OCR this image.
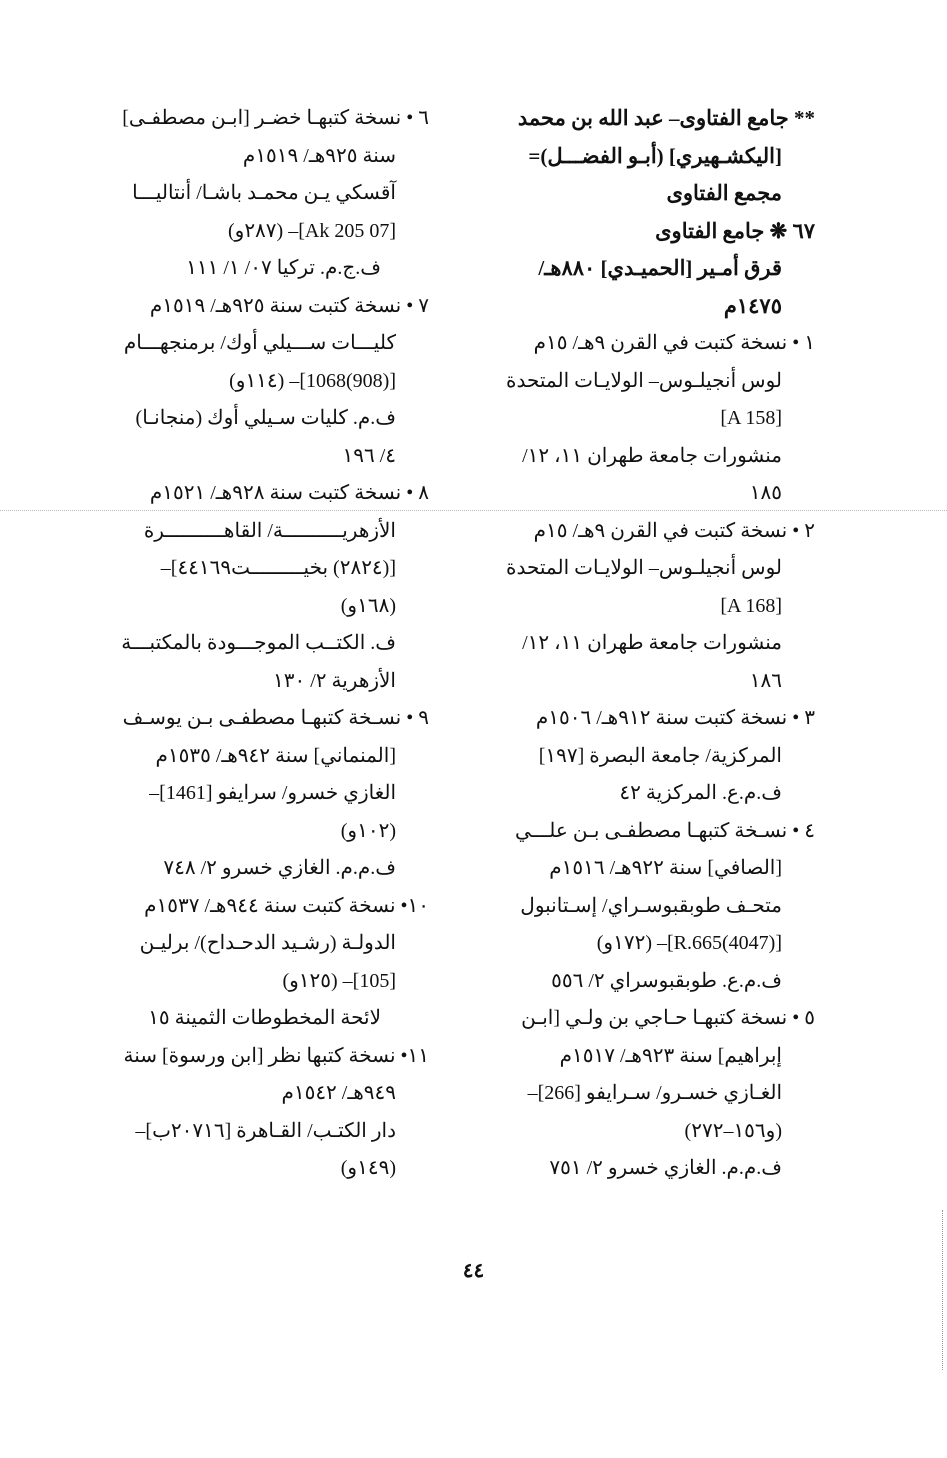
** جامع الفتاوى– عبد الله بن محمد
[اليكشـهيري] (أبـو الفضـــل)=
مجمع الفتاوى
٦٧ ❋ جامع الفتاوى
قرق أمـير [الحميـدي] ٨٨٠هـ/
١٤٧٥م
١ • نسخة كتبت في القرن ٩هـ/ ١٥م
لوس أنجيلـوس– الولايـات المتحدة
[A 158]
منشورات جامعة طهران ١١، ١٢/
١٨٥
٢ • نسخة كتبت في القرن ٩هـ/ ١٥م
لوس أنجيلـوس– الولايـات المتحدة
[A 168]
منشورات جامعة طهران ١١، ١٢/
١٨٦
٣ • نسخة كتبت سنة ٩١٢هـ/ ١٥٠٦م
المركزية/ جامعة البصرة [١٩٧]
ف.م.ع. المركزية ٤٢
٤ • نسـخة كتبهـا مصطفـى بـن علـــي
[الصافي] سنة ٩٢٢هـ/ ١٥١٦م
متحـف طوبقبوسـراي/ إسـتانبول
[(4047)R.665]– (١٧٢و)
ف.م.ع. طوبقبوسراي ٢/ ٥٥٦
٥ • نسخة كتبهـا حـاجي بن ولـي [ابـن
إبراهيم] سنة ٩٢٣هـ/ ١٥١٧م
الغـازي خسـرو/ سـرايفو [266]–
(و١٥٦–٢٧٢)
ف.م.م. الغازي خسرو ٢/ ٧٥١
٦ • نسخة كتبهـا خضـر [ابـن مصطفـى]
سنة ٩٢٥هـ/ ١٥١٩م
آقسكي يـن محمـد باشـا/ أنتاليـــا
[07 Ak 205]– (٢٨٧و)
ف.ج.م. تركيا ٠٧/ ١/ ١١١
٧ • نسخة كتبت سنة ٩٢٥هـ/ ١٥١٩م
كليـــات ســـيلي أوك/ برمنجهـــام
[(908)1068]– (١١٤و)
ف.م. كليات سـيلي أوك (منجانـا)
٤/ ١٩٦
٨ • نسخة كتبت سنة ٩٢٨هـ/ ١٥٢١م
الأزهريــــــــــة/ القاهــــــــــرة
[(٢٨٢٤) بخيـــــــــت٤٤١٦٩]–
(١٦٨و)
ف. الكتــب الموجـــودة بالمكتبـــة
الأزهرية ٢/ ١٣٠
٩ • نسـخة كتبهـا مصطفـى بـن يوسـف
[المنماني] سنة ٩٤٢هـ/ ١٥٣٥م
الغازي خسرو/ سرايفو [1461]–
(١٠٢و)
ف.م.م. الغازي خسرو ٢/ ٧٤٨
١٠• نسخة كتبت سنة ٩٤٤هـ/ ١٥٣٧م
الدولـة (رشـيد الدحـداح)/ برليـن
[105]– (١٢٥و)
لائحة المخطوطات الثمينة ١٥
١١• نسخة كتبها نظر [ابن ورسوة] سنة
٩٤٩هـ/ ١٥٤٢م
دار الكتـب/ القـاهرة [٢٠٧١٦ب]–
(١٤٩و)
٤٤
